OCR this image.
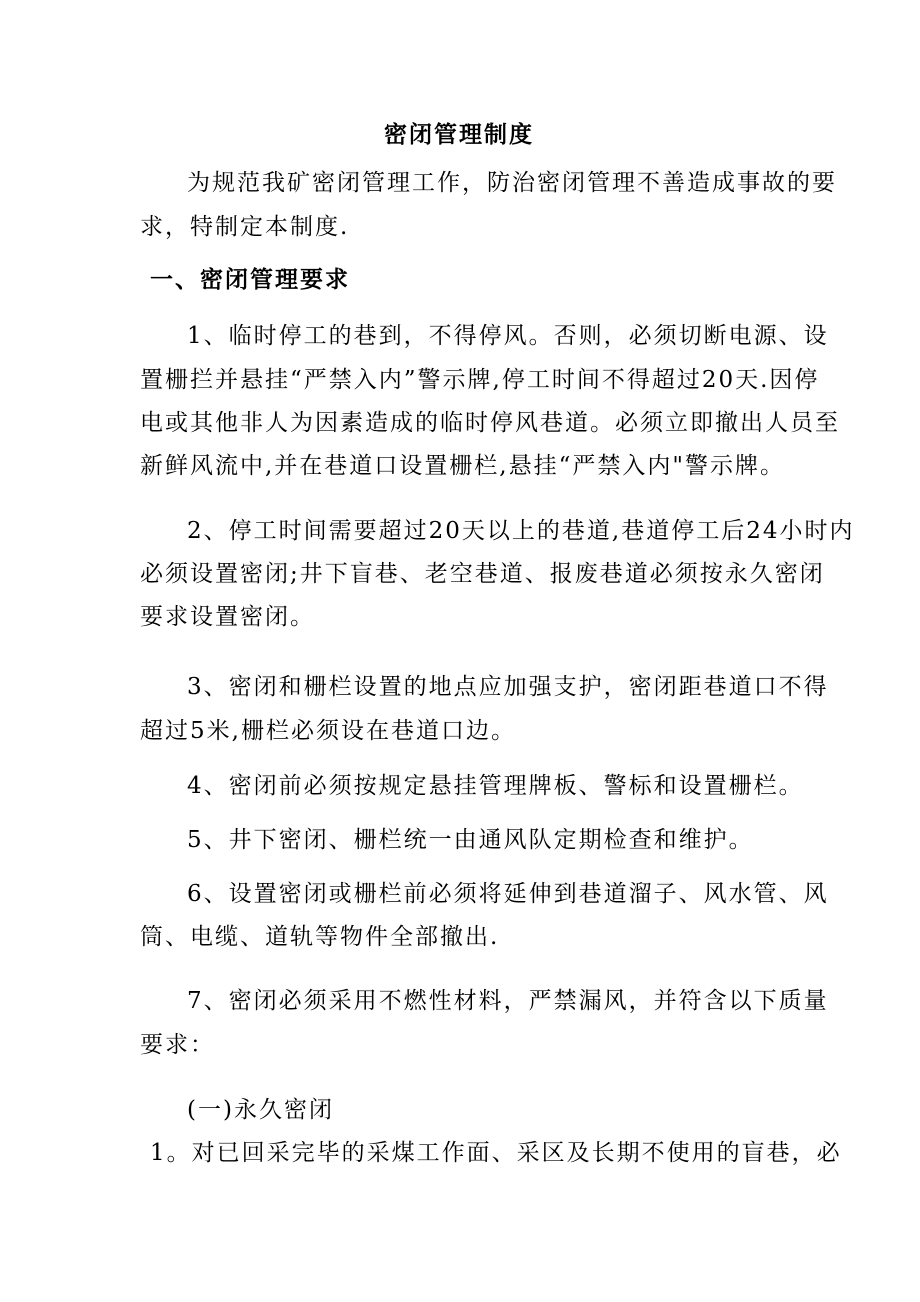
密闭管理制度
为规范我矿密闭管理工作，防治密闭管理不善造成事故的要
求，特制定本制度.
一、密闭管理要求
1、临时停工的巷到，不得停风。否则，必须切断电源、设
置栅拦并悬挂“严禁入内”警示牌,停工时间不得超过20天.因停
电或其他非人为因素造成的临时停风巷道。必须立即撤出人员至
新鲜风流中,并在巷道口设置栅栏,悬挂“严禁入内"警示牌。
2、停工时间需要超过20天以上的巷道,巷道停工后24小时内
必须设置密闭;井下盲巷、老空巷道、报废巷道必须按永久密闭
要求设置密闭。
3、密闭和栅栏设置的地点应加强支护，密闭距巷道口不得
超过5米,栅栏必须设在巷道口边。
4、密闭前必须按规定悬挂管理牌板、警标和设置栅栏。
5、井下密闭、栅栏统一由通风队定期检查和维护。
6、设置密闭或栅栏前必须将延伸到巷道溜子、风水管、风
筒、电缆、道轨等物件全部撤出.
7、密闭必须采用不燃性材料，严禁漏风，并符含以下质量
要求：
(一)永久密闭
1。对已回采完毕的采煤工作面、采区及长期不使用的盲巷，必
